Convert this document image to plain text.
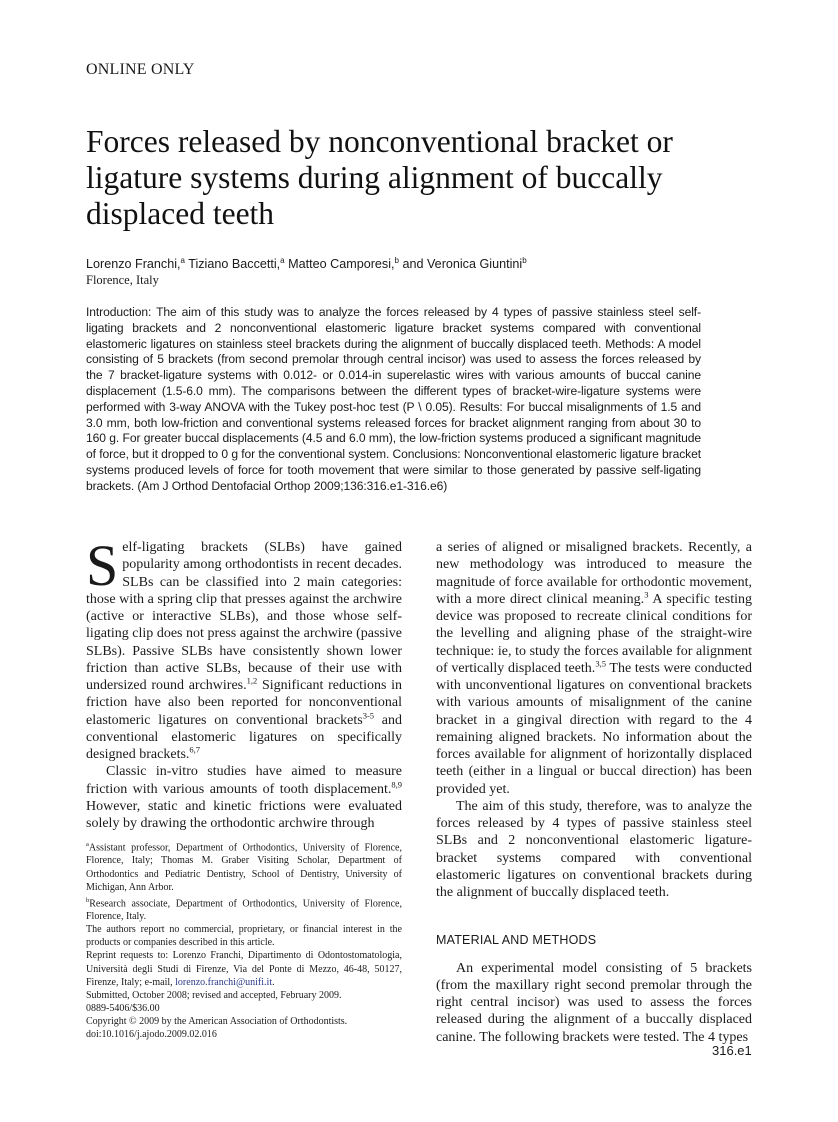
ONLINE ONLY
Forces released by nonconventional bracket or ligature systems during alignment of buccally displaced teeth
Lorenzo Franchi,$^a$ Tiziano Baccetti,$^a$ Matteo Camporesi,$^b$ and Veronica Giuntini$^b$
Florence, Italy
Introduction: The aim of this study was to analyze the forces released by 4 types of passive stainless steel self-ligating brackets and 2 nonconventional elastomeric ligature bracket systems compared with conventional elastomeric ligatures on stainless steel brackets during the alignment of buccally displaced teeth. Methods: A model consisting of 5 brackets (from second premolar through central incisor) was used to assess the forces released by the 7 bracket-ligature systems with 0.012- or 0.014-in superelastic wires with various amounts of buccal canine displacement (1.5-6.0 mm). The comparisons between the different types of bracket-wire-ligature systems were performed with 3-way ANOVA with the Tukey post-hoc test (P \ 0.05). Results: For buccal misalignments of 1.5 and 3.0 mm, both low-friction and conventional systems released forces for bracket alignment ranging from about 30 to 160 g. For greater buccal displacements (4.5 and 6.0 mm), the low-friction systems produced a significant magnitude of force, but it dropped to 0 g for the conventional system. Conclusions: Nonconventional elastomeric ligature bracket systems produced levels of force for tooth movement that were similar to those generated by passive self-ligating brackets. (Am J Orthod Dentofacial Orthop 2009;136:316.e1-316.e6)

Self-ligating brackets (SLBs) have gained popularity among orthodontists in recent decades. SLBs can be classified into 2 main categories: those with a spring clip that presses against the archwire (active or interactive SLBs), and those whose self-ligating clip does not press against the archwire (passive SLBs). Passive SLBs have consistently shown lower friction than active SLBs, because of their use with undersized round archwires.$^{1,2}$ Significant reductions in friction have also been reported for nonconventional elastomeric ligatures on conventional brackets$^{3-5}$ and conventional elastomeric ligatures on specifically designed brackets.$^{6,7}$

Classic in-vitro studies have aimed to measure friction with various amounts of tooth displacement.$^{8,9}$ However, static and kinetic frictions were evaluated solely by drawing the orthodontic archwire through

$^a$Assistant professor, Department of Orthodontics, University of Florence, Florence, Italy; Thomas M. Graber Visiting Scholar, Department of Orthodontics and Pediatric Dentistry, School of Dentistry, University of Michigan, Ann Arbor.

$^b$Research associate, Department of Orthodontics, University of Florence, Florence, Italy.

The authors report no commercial, proprietary, or financial interest in the products or companies described in this article.

Reprint requests to: Lorenzo Franchi, Dipartimento di Odontostomatologia, Università degli Studi di Firenze, Via del Ponte di Mezzo, 46-48, 50127, Firenze, Italy; e-mail, lorenzo.franchi@unifi.it.

Submitted, October 2008; revised and accepted, February 2009.

0889-5406/$36.00

Copyright © 2009 by the American Association of Orthodontists.

doi:10.1016/j.ajodo.2009.02.016

a series of aligned or misaligned brackets. Recently, a new methodology was introduced to measure the magnitude of force available for orthodontic movement, with a more direct clinical meaning.$^3$ A specific testing device was proposed to recreate clinical conditions for the levelling and aligning phase of the straight-wire technique: ie, to study the forces available for alignment of vertically displaced teeth.$^{3,5}$ The tests were conducted with unconventional ligatures on conventional brackets with various amounts of misalignment of the canine bracket in a gingival direction with regard to the 4 remaining aligned brackets. No information about the forces available for alignment of horizontally displaced teeth (either in a lingual or buccal direction) has been provided yet.

The aim of this study, therefore, was to analyze the forces released by 4 types of passive stainless steel SLBs and 2 nonconventional elastomeric ligature-bracket systems compared with conventional elastomeric ligatures on conventional brackets during the alignment of buccally displaced teeth.

MATERIAL AND METHODS

An experimental model consisting of 5 brackets (from the maxillary right second premolar through the right central incisor) was used to assess the forces released during the alignment of a buccally displaced canine. The following brackets were tested. The 4 types

316.e1
